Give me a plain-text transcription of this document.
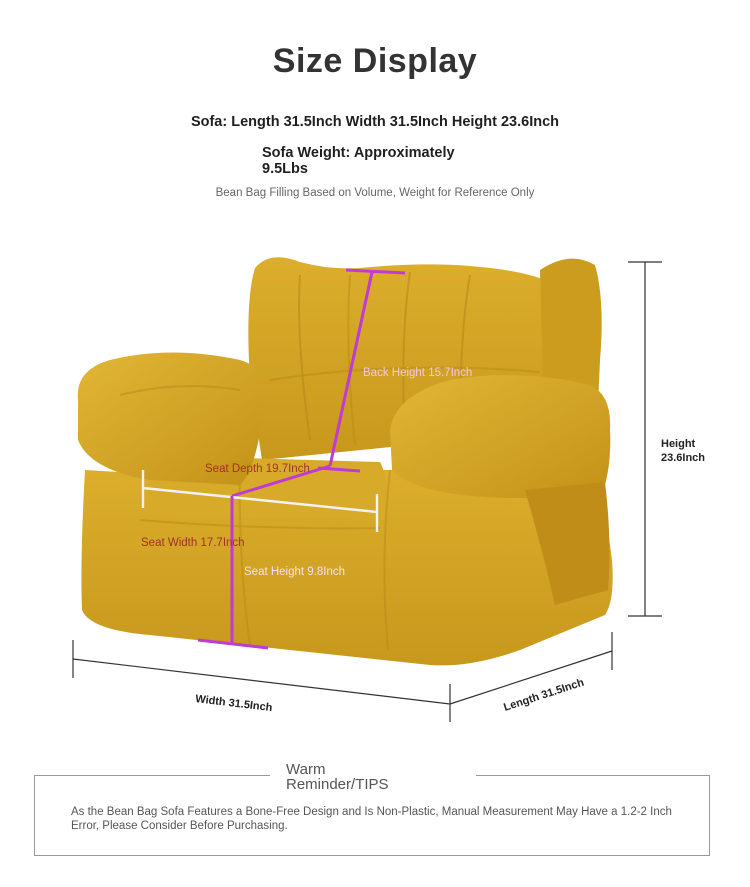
Size Display
Sofa: Length 31.5Inch Width 31.5Inch Height 23.6Inch
Sofa Weight: Approximately
9.5Lbs
Bean Bag Filling Based on Volume, Weight for Reference Only
Back Height 15.7Inch
Seat Depth 19.7Inch
Seat Width 17.7Inch
Seat Height 9.8Inch
Height
23.6Inch
Width 31.5Inch	Length 31.5Inch
Warm
Reminder/TIPS
As the Bean Bag Sofa Features a Bone-Free Design and Is Non-Plastic, Manual Measurement May Have a 1.2-2 Inch Error, Please Consider Before Purchasing.
